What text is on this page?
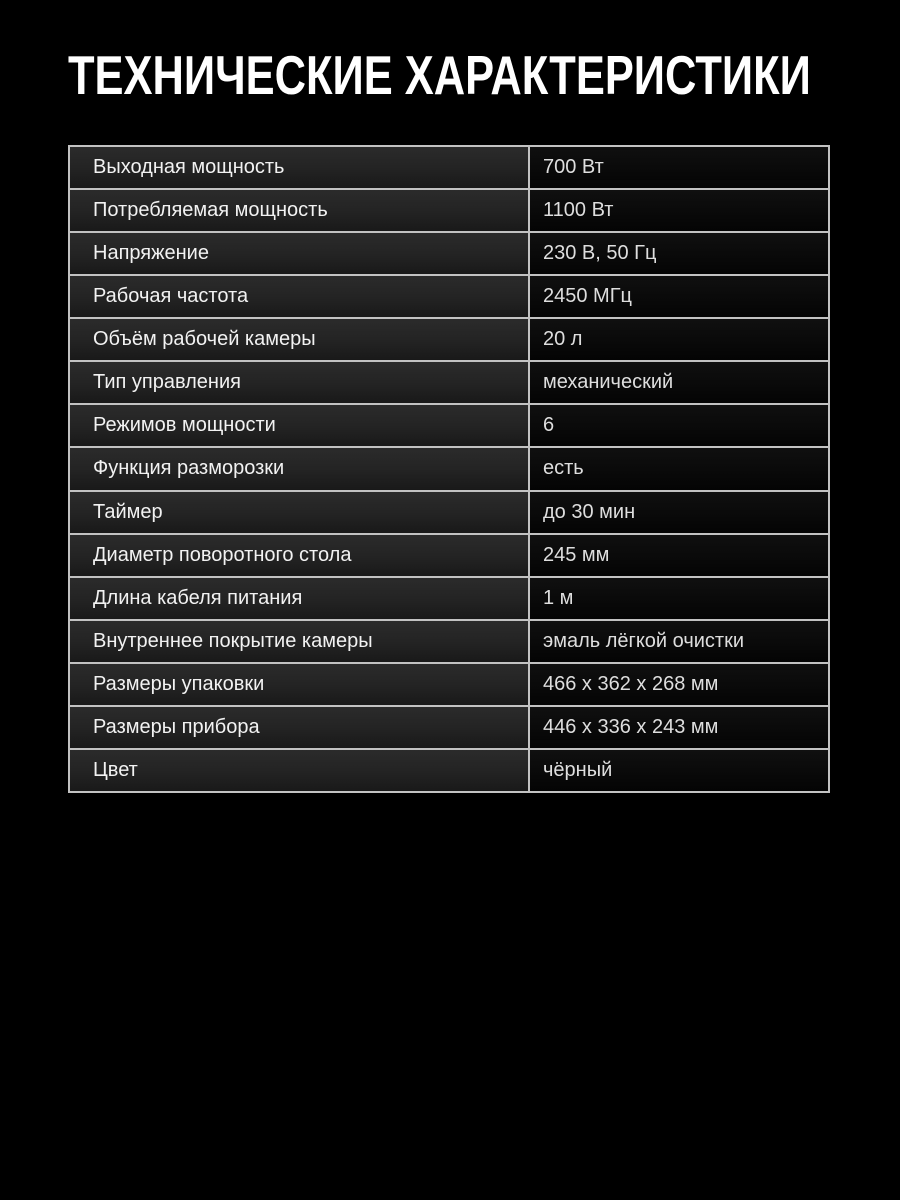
ТЕХНИЧЕСКИЕ ХАРАКТЕРИСТИКИ
Выходная мощность	700 Вт
Потребляемая мощность	1100 Вт
Напряжение	230 В, 50 Гц
Рабочая частота	2450 МГц
Объём рабочей камеры	20 л
Тип управления	механический
Режимов мощности	6
Функция разморозки	есть
Таймер	до 30 мин
Диаметр поворотного стола	245 мм
Длина кабеля питания	1 м
Внутреннее покрытие камеры	эмаль лёгкой очистки
Размеры упаковки	466 х 362 х 268 мм
Размеры прибора	446 х 336 х 243 мм
Цвет	чёрный
